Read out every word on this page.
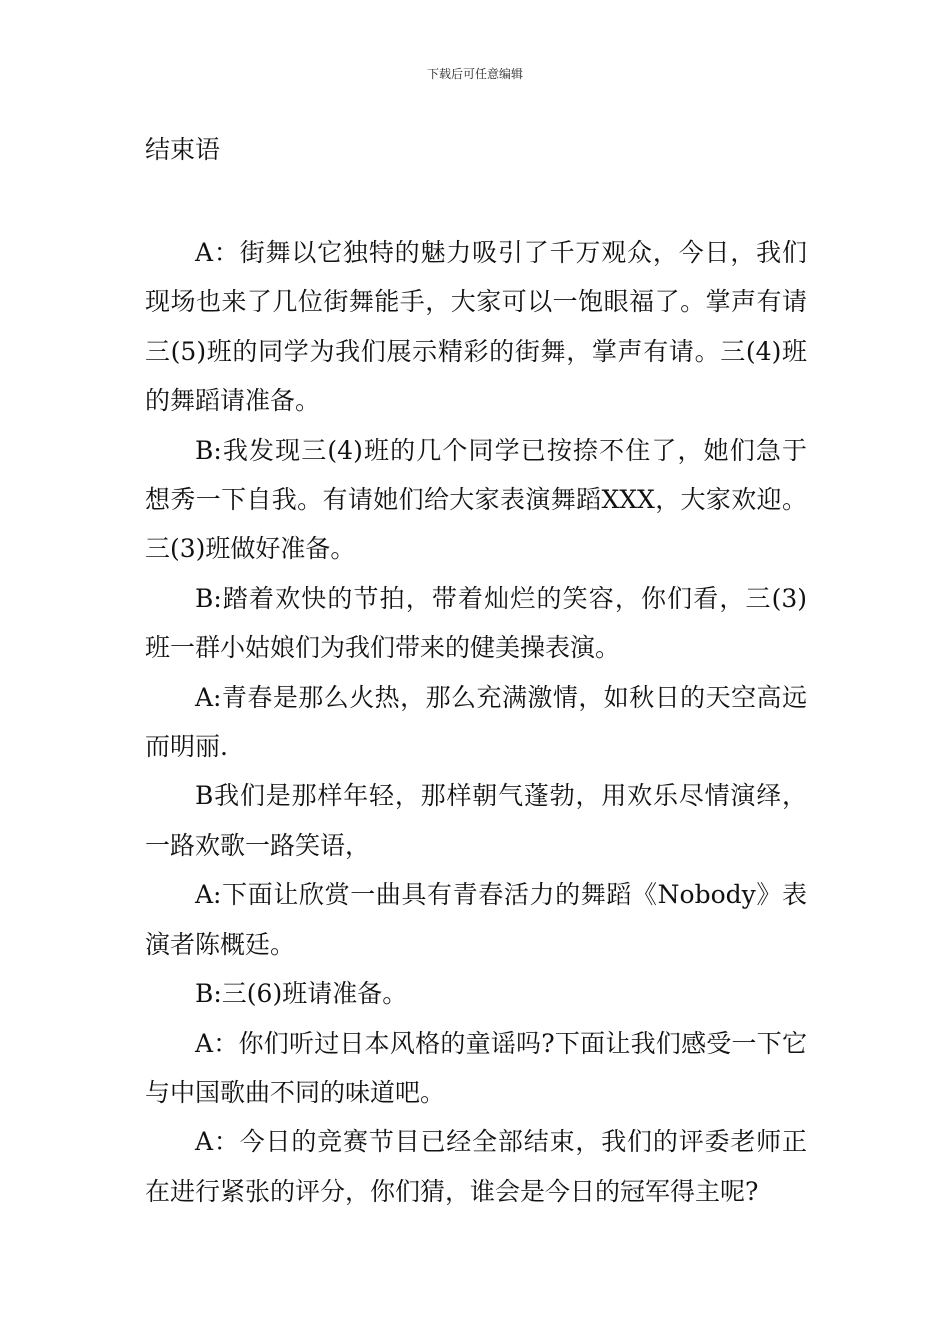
下载后可任意编辑
结束语

A：街舞以它独特的魅力吸引了千万观众，今日，我们现场也来了几位街舞能手，大家可以一饱眼福了。掌声有请三(5)班的同学为我们展示精彩的街舞，掌声有请。三(4)班的舞蹈请准备。

B:我发现三(4)班的几个同学已按捺不住了，她们急于想秀一下自我。有请她们给大家表演舞蹈XXX，大家欢迎。三(3)班做好准备。

B:踏着欢快的节拍，带着灿烂的笑容，你们看，三(3)班一群小姑娘们为我们带来的健美操表演。

A:青春是那么火热，那么充满激情，如秋日的天空高远而明丽.

B我们是那样年轻，那样朝气蓬勃，用欢乐尽情演绎，一路欢歌一路笑语，

A:下面让欣赏一曲具有青春活力的舞蹈《Nobody》表演者陈概廷。

B:三(6)班请准备。

A：你们听过日本风格的童谣吗?下面让我们感受一下它与中国歌曲不同的味道吧。

A：今日的竞赛节目已经全部结束，我们的评委老师正在进行紧张的评分，你们猜，谁会是今日的冠军得主呢?
